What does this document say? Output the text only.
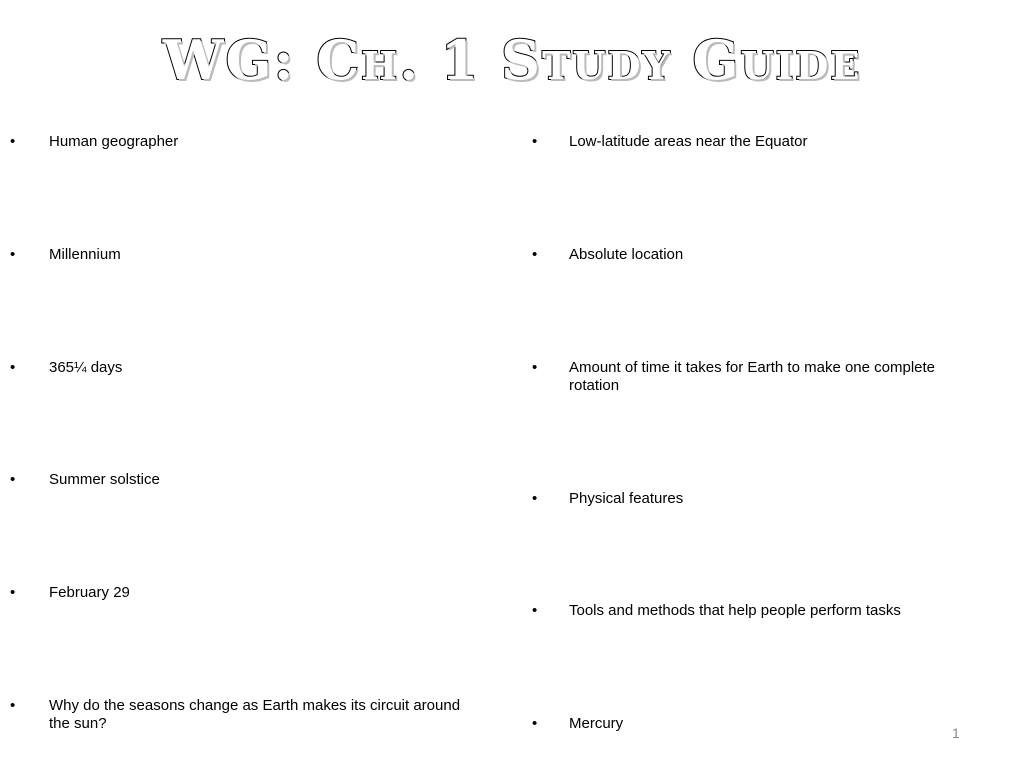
WG: Ch. 1 Study Guide
• Human geographer
• Millennium
• 365¼ days
• Summer solstice
• February 29
• Why do the seasons change as Earth makes its circuit around the sun?
• Low-latitude areas near the Equator
• Absolute location
• Amount of time it takes for Earth to make one complete rotation
• Physical features
• Tools and methods that help people perform tasks
• Mercury
1
